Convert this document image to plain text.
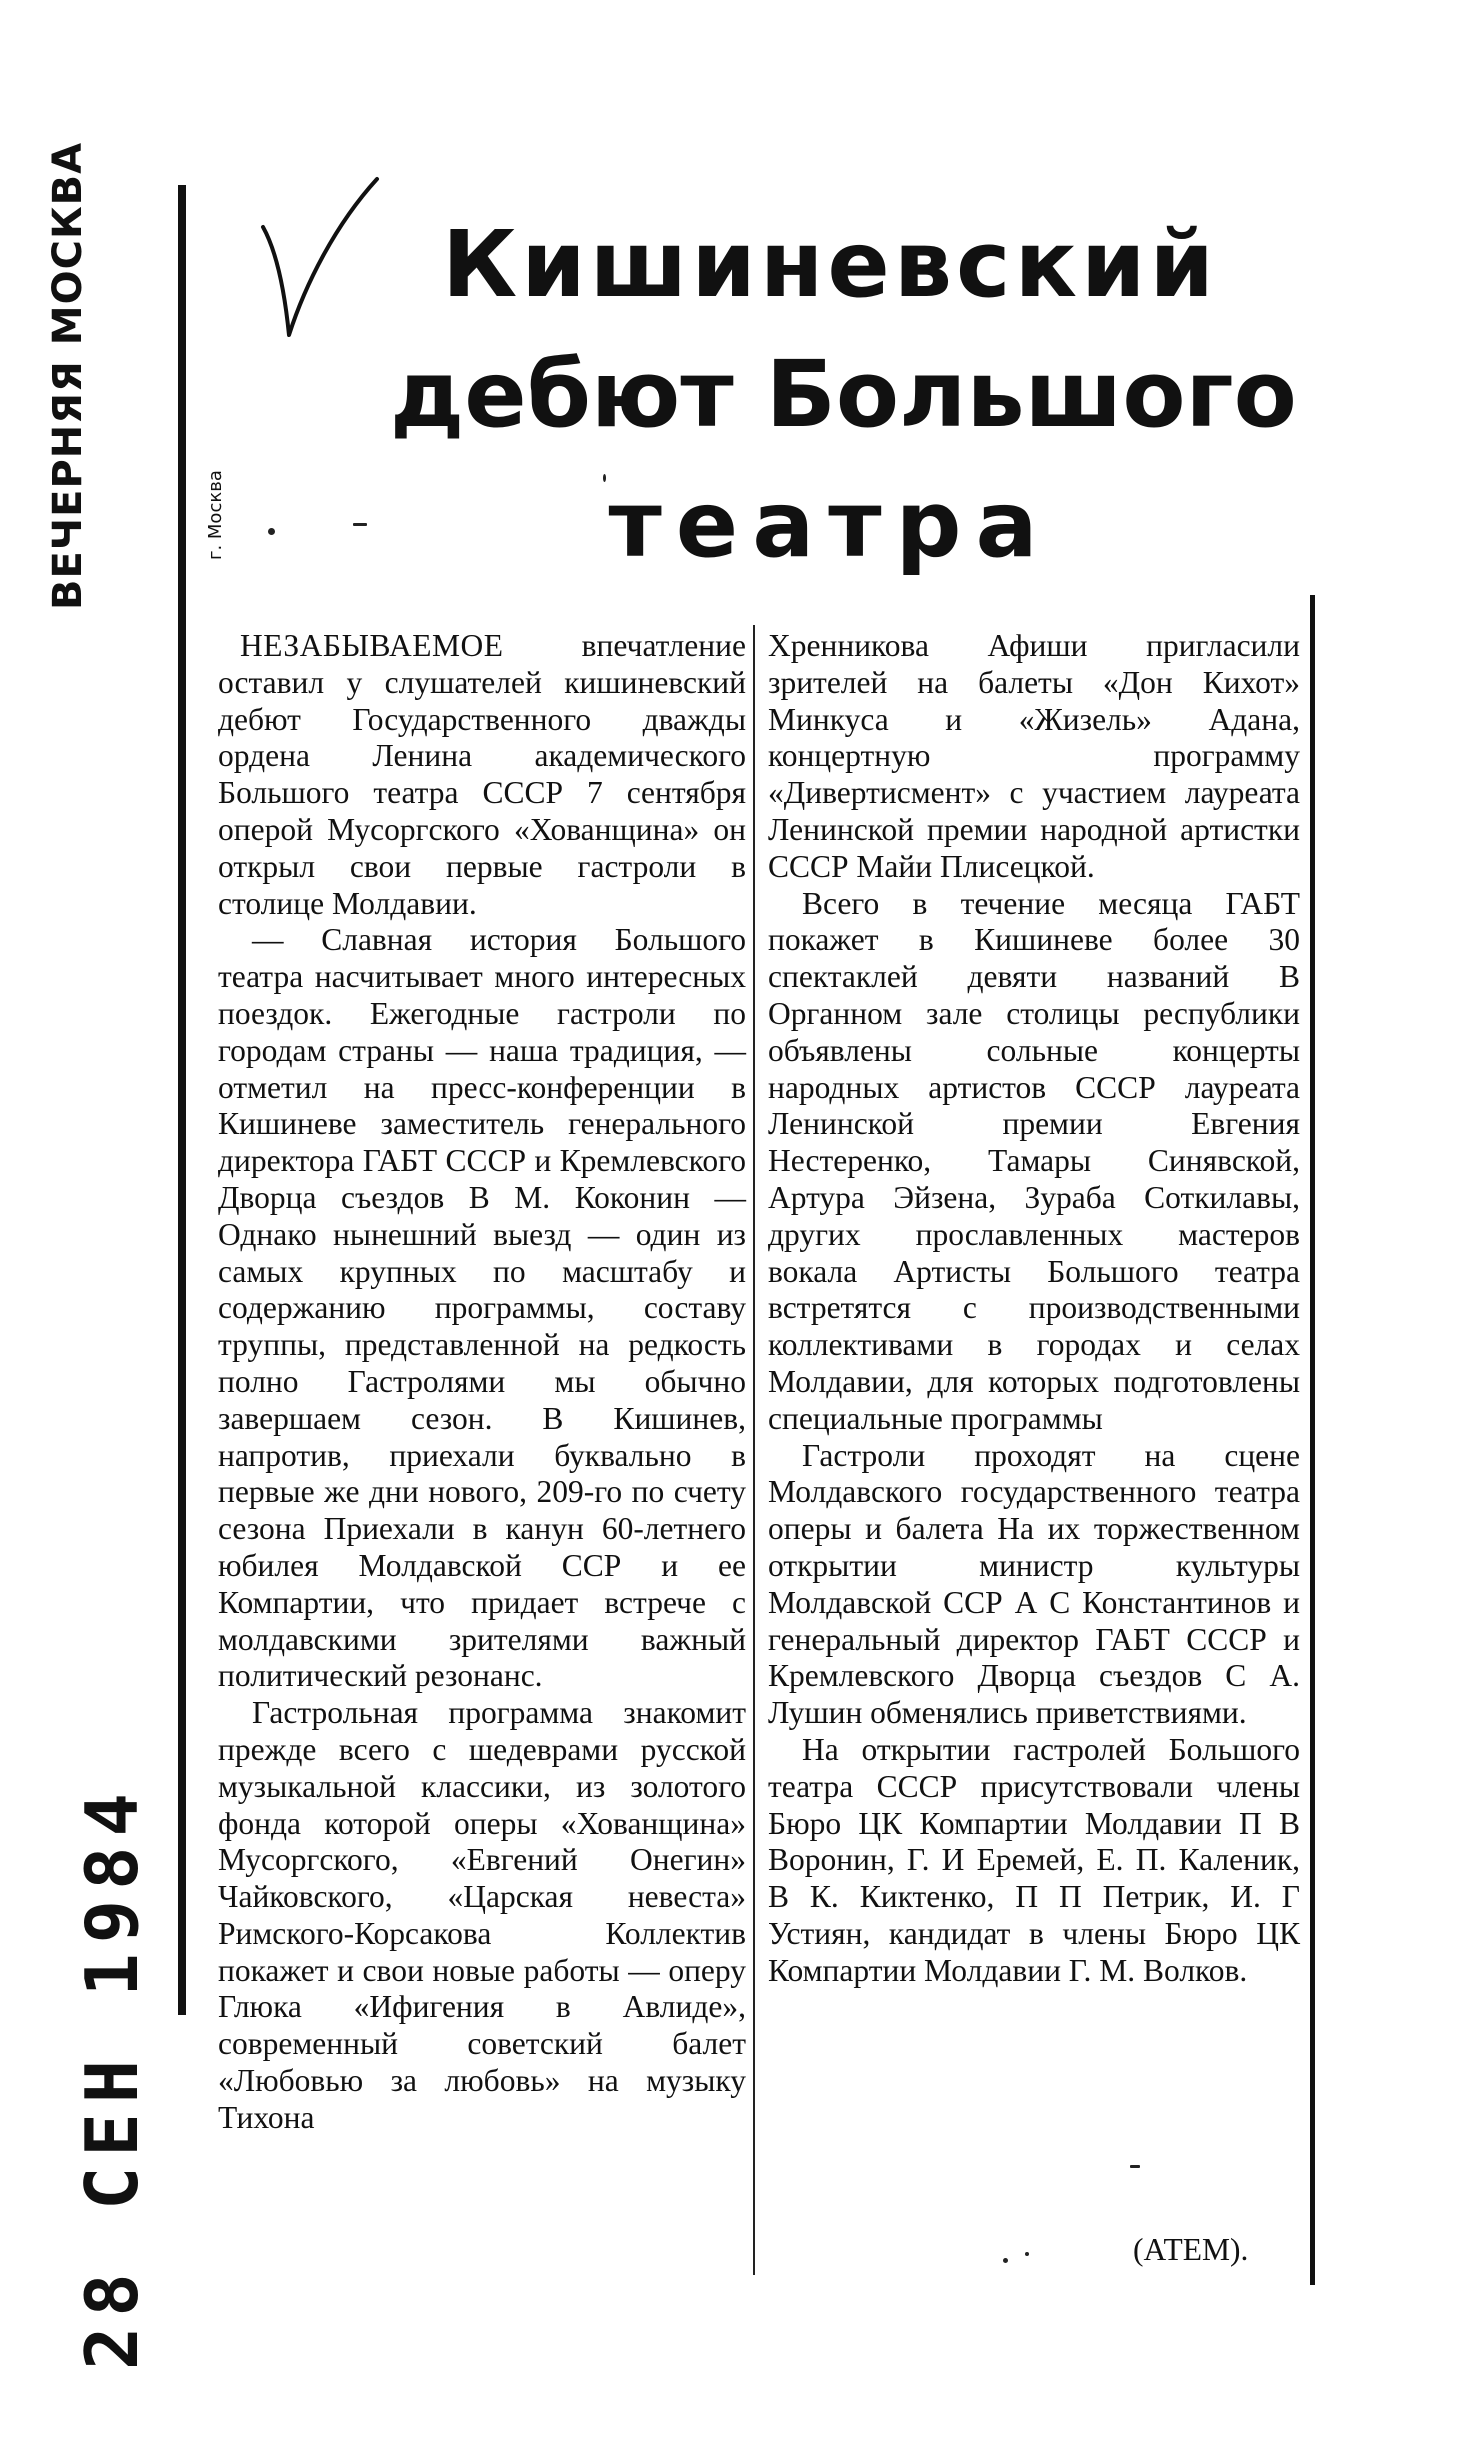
ВЕЧЕРНЯЯ МОСКВА	г. Москва
28 СЕН 1984
Кишиневский
дебют Большого
театра

НЕЗАБЫВАЕМОЕ впечатление оставил у слушателей кишиневский дебют Государственного дважды ордена Ленина академического Большого театра СССР 7 сентября оперой Мусоргского «Хованщина» он открыл свои первые гастроли в столице Молдавии.

— Славная история Большого театра насчитывает много интересных поездок. Ежегодные гастроли по городам страны — наша традиция, — отметил на пресс-конференции в Кишиневе заместитель генерального директора ГАБТ СССР и Кремлевского Дворца съездов В М. Коконин — Однако нынешний выезд — один из самых крупных по масштабу и содержанию программы, составу труппы, представленной на редкость полно Гастролями мы обычно завершаем сезон. В Кишинев, напротив, приехали буквально в первые же дни нового, 209-го по счету сезона Приехали в канун 60-летнего юбилея Молдавской ССР и ее Компартии, что придает встрече с молдавскими зрителями важный политический резонанс.

Гастрольная программа знакомит прежде всего с шедеврами русской музыкальной классики, из золотого фонда которой оперы «Хованщина» Мусоргского, «Евгений Онегин» Чайковского, «Царская невеста» Римского-Корсакова Коллектив покажет и свои новые работы — оперу Глюка «Ифигения в Авлиде», современный советский балет «Любовью за любовь» на музыку Тихона

Хренникова Афиши пригласили зрителей на балеты «Дон Кихот» Минкуса и «Жизель» Адана, концертную программу «Дивертисмент» с участием лауреата Ленинской премии народной артистки СССР Майи Плисецкой.

Всего в течение месяца ГАБТ покажет в Кишиневе более 30 спектаклей девяти названий В Органном зале столицы республики объявлены сольные концерты народных артистов СССР лауреата Ленинской премии Евгения Нестеренко, Тамары Синявской, Артура Эйзена, Зураба Соткилавы, других прославленных мастеров вокала Артисты Большого театра встретятся с производственными коллективами в городах и селах Молдавии, для которых подготовлены специальные программы

Гастроли проходят на сцене Молдавского государственного театра оперы и балета На их торжественном открытии министр культуры Молдавской ССР А С Константинов и генеральный директор ГАБТ СССР и Кремлевского Дворца съездов С А. Лушин обменялись приветствиями.

На открытии гастролей Большого театра СССР присутствовали члены Бюро ЦК Компартии Молдавии П В Воронин, Г. И Еремей, Е. П. Каленик, В К. Киктенко, П П Петрик, И. Г Устиян, кандидат в члены Бюро ЦК Компартии Молдавии Г. М. Волков.

(АТЕМ).
